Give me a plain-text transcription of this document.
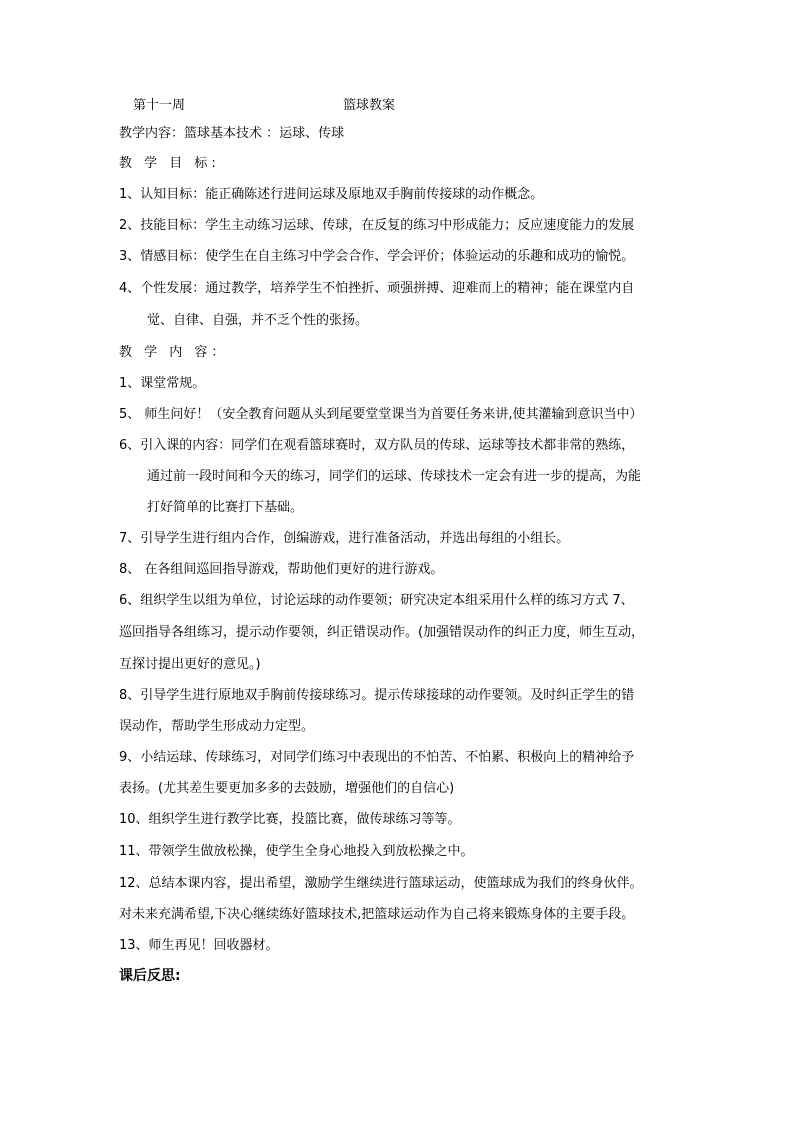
第十一周	篮球教案
教学内容：篮球基本技术 ：运球、传球
教 学 目 标:
1、认知目标：能正确陈述行进间运球及原地双手胸前传接球的动作概念。
2、技能目标：学生主动练习运球、传球，在反复的练习中形成能力；反应速度能力的发展
3、情感目标：使学生在自主练习中学会合作、学会评价；体验运动的乐趣和成功的愉悦。
4、个性发展：通过教学，培养学生不怕挫折、顽强拼搏、迎难而上的精神；能在课堂内自
觉、自律、自强，并不乏个性的张扬。
教 学 内 容：
1、课堂常规。
5、 师生问好！（安全教育问题从头到尾要堂堂课当为首要任务来讲,使其灌输到意识当中）
6、引入课的内容：同学们在观看篮球赛时，双方队员的传球、运球等技术都非常的熟练，
通过前一段时间和今天的练习，同学们的运球、传球技术一定会有进一步的提高，为能
打好简单的比赛打下基础。
7、引导学生进行组内合作，创编游戏，进行准备活动，并选出每组的小组长。
8、 在各组间巡回指导游戏，帮助他们更好的进行游戏。
6、组织学生以组为单位，讨论运球的动作要领；研究决定本组采用什么样的练习方式 7、
巡回指导各组练习，提示动作要领，纠正错误动作。(加强错误动作的纠正力度，师生互动，
互探讨提出更好的意见。)
8、引导学生进行原地双手胸前传接球练习。提示传球接球的动作要领。及时纠正学生的错
误动作，帮助学生形成动力定型。
9、小结运球、传球练习，对同学们练习中表现出的不怕苦、不怕累、积极向上的精神给予
表扬。(尤其差生要更加多多的去鼓励，增强他们的自信心)
10、组织学生进行教学比赛，投篮比赛，做传球练习等等。
11、带领学生做放松操，使学生全身心地投入到放松操之中。
12、总结本课内容，提出希望，激励学生继续进行篮球运动，使篮球成为我们的终身伙伴。
对未来充满希望,下决心继续练好篮球技术,把篮球运动作为自己将来锻炼身体的主要手段。
13、师生再见！回收器材。
课后反思:
